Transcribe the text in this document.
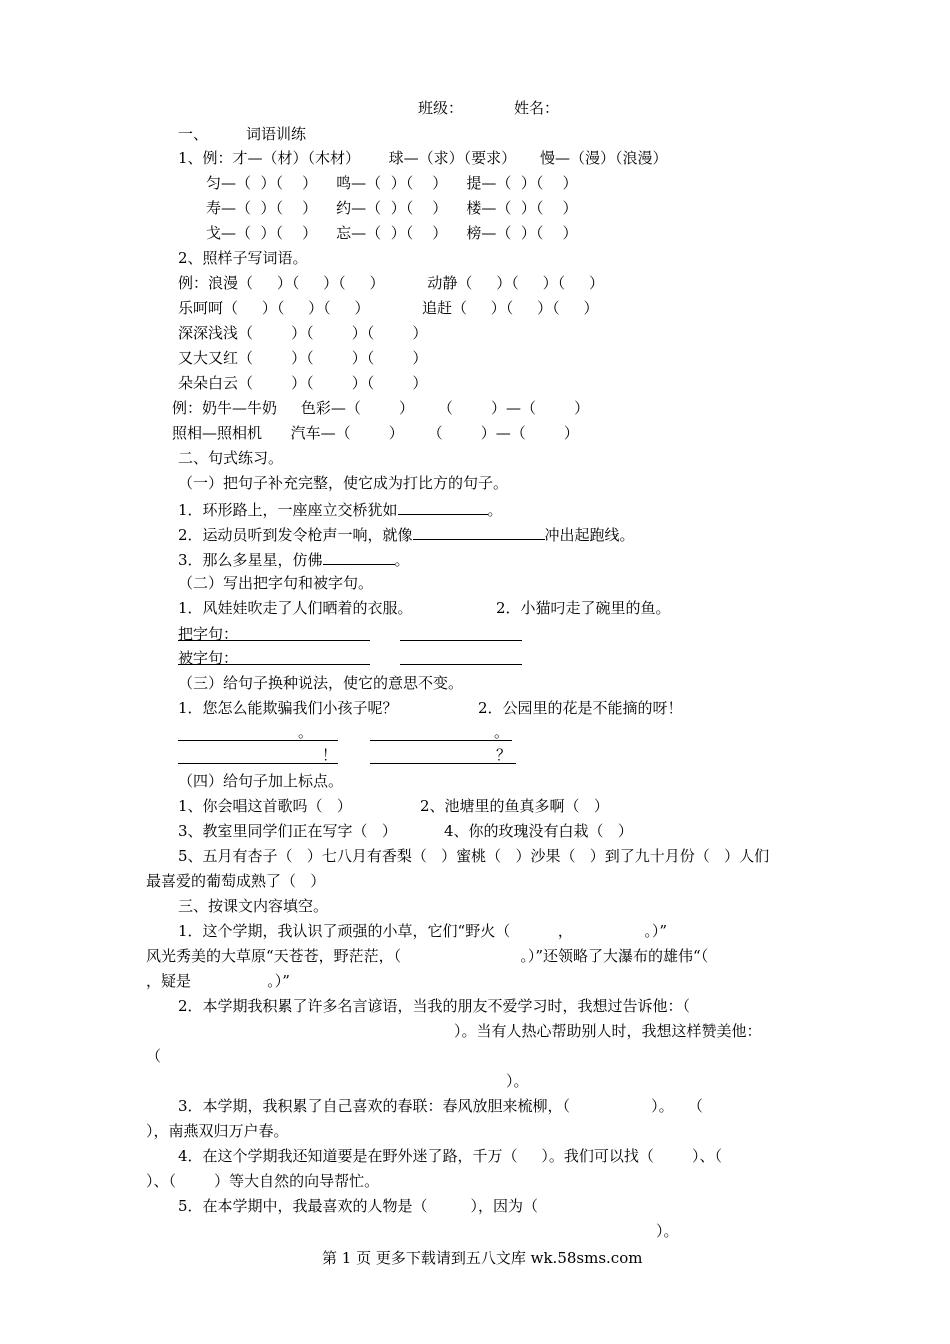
班级：	姓名：
一、	词语训练
1、例：才—（材）（木材）      球—（求）（要求）     慢—（漫）（浪漫）
匀—（  ）（    ）    鸣—（  ）（    ）    提—（  ）（    ）
寿—（  ）（    ）    约—（  ）（    ）    楼—（  ）（    ）
戈—（  ）（    ）    忘—（  ）（    ）    榜—（  ）（    ）
2、照样子写词语。
例：浪漫（     ）（     ）（     ）         动静（     ）（     ）（     ）
乐呵呵（     ）（     ）（     ）           追赶（     ）（     ）（     ）
深深浅浅（        ）（        ）（        ）
又大又红（        ）（        ）（        ）
朵朵白云（        ）（        ）（        ）
例：奶牛—牛奶     色彩—（        ）     （        ）—（        ）
照相—照相机      汽车—（        ）     （        ）—（        ）
二、句式练习。
（一）把句子补充完整，使它成为打比方的句子。
1．环形路上，一座座立交桥犹如	。
2．运动员听到发令枪声一响，就像	冲出起跑线。
3．那么多星星，仿佛	。
（二）写出把字句和被字句。
1．风娃娃吹走了人们晒着的衣服。	2．小猫叼走了碗里的鱼。
把字句：
被字句：
（三）给句子换种说法，使它的意思不变。
1．您怎么能欺骗我们小孩子呢？	2．公园里的花是不能摘的呀！
。	。
！	？
（四）给句子加上标点。
1、你会唱这首歌吗（   ）	2、池塘里的鱼真多啊（   ）
3、教室里同学们正在写字（   ）	4、你的玫瑰没有白栽（   ）
5、五月有杏子（   ）七八月有香梨（   ）蜜桃（   ）沙果（   ）到了九十月份（   ）人们
最喜爱的葡萄成熟了（   ）
三、按课文内容填空。
1．这个学期，我认识了顽强的小草，它们“野火（          ，               。）”
风光秀美的大草原“天苍苍，野茫茫，（                         。）”还领略了大瀑布的雄伟“（
，疑是                。）”
2．本学期我积累了许多名言谚语，当我的朋友不爱学习时，我想过告诉他：（
）。当有人热心帮助别人时，我想这样赞美他：
（
）。
3．本学期，我积累了自己喜欢的春联：春风放胆来梳柳，（                 ）。   （
），南燕双归万户春。
4．在这个学期我还知道要是在野外迷了路，千万（     ）。我们可以找（        ）、（
）、（        ）等大自然的向导帮忙。
5．在本学期中，我最喜欢的人物是（         ），因为（
）。
第 1 页 更多下载请到五八文库 wk.58sms.com
